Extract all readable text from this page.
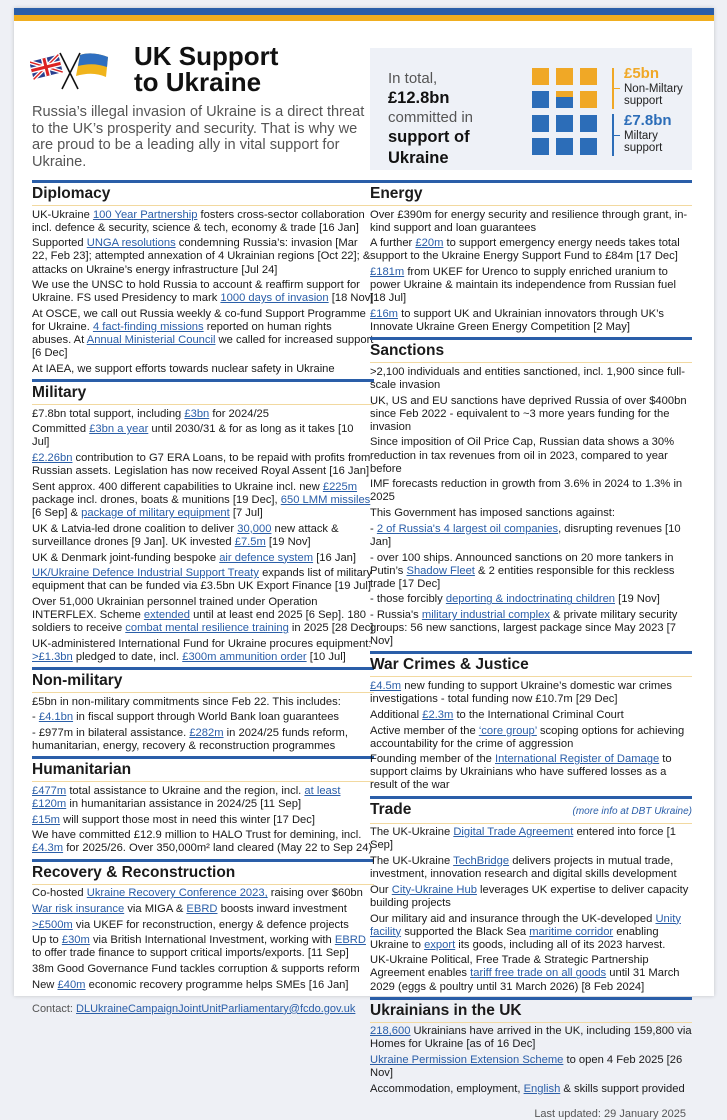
UK Support
to Ukraine
Russia’s illegal invasion of Ukraine is a direct threat to the UK’s prosperity and security. That is why we are proud to be a leading ally in vital support for Ukraine.
In total,
£12.8bn
committed in
support of
Ukraine
£5bn
Non-Miltary
support
£7.8bn
Miltary
support
Diplomacy
UK-Ukraine 100 Year Partnership fosters cross-sector collaboration incl. defence & security, science & tech, economy & trade [16 Jan]
Supported UNGA resolutions condemning Russia’s: invasion [Mar 22, Feb 23]; attempted annexation of 4 Ukrainian regions [Oct 22]; & attacks on Ukraine’s energy infrastructure [Jul 24]
We use the UNSC to hold Russia to account & reaffirm support for Ukraine. FS used Presidency to mark 1000 days of invasion [18 Nov]
At OSCE, we call out Russia weekly & co-fund Support Programme for Ukraine. 4 fact-finding missions reported on human rights abuses. At Annual Ministerial Council we called for increased support [6 Dec]
At IAEA, we support efforts towards nuclear safety in Ukraine
Military
£7.8bn total support, including £3bn for 2024/25
Committed £3bn a year until 2030/31 & for as long as it takes [10 Jul]
£2.26bn contribution to G7 ERA Loans, to be repaid with profits from Russian assets. Legislation has now received Royal Assent [16 Jan]
Sent approx. 400 different capabilities to Ukraine incl. new £225m package incl. drones, boats & munitions [19 Dec], 650 LMM missiles [6 Sep] & package of military equipment [7 Jul]
UK & Latvia-led drone coalition to deliver 30,000 new attack & surveillance drones [9 Jan]. UK invested £7.5m [19 Nov]
UK & Denmark joint-funding bespoke air defence system [16 Jan]
UK/Ukraine Defence Industrial Support Treaty expands list of military equipment that can be funded via £3.5bn UK Export Finance [19 Jul]
Over 51,000 Ukrainian personnel trained under Operation INTERFLEX. Scheme extended until at least end 2025 [6 Sep]. 180 soldiers to receive combat mental resilience training in 2025 [28 Dec]
UK-administered International Fund for Ukraine procures equipment: >£1.3bn pledged to date, incl. £300m ammunition order [10 Jul]
Non-military
£5bn in non-military commitments since Feb 22. This includes:
- £4.1bn in fiscal support through World Bank loan guarantees
- £977m in bilateral assistance. £282m in 2024/25 funds reform, humanitarian, energy, recovery & reconstruction programmes
Humanitarian
£477m total assistance to Ukraine and the region, incl. at least £120m in humanitarian assistance in 2024/25 [11 Sep]
£15m will support those most in need this winter [17 Dec]
We have committed £12.9 million to HALO Trust for demining, incl. £4.3m for 2025/26. Over 350,000m² land cleared (May 22 to Sep 24)
Recovery & Reconstruction
Co-hosted Ukraine Recovery Conference 2023, raising over $60bn
War risk insurance via MIGA & EBRD boosts inward investment
>£500m via UKEF for reconstruction, energy & defence projects
Up to £30m via British International Investment, working with EBRD to offer trade finance to support critical imports/exports. [11 Sep]
38m Good Governance Fund tackles corruption & supports reform
New £40m economic recovery programme helps SMEs [16 Jan]
Contact: DLUkraineCampaignJointUnitParliamentary@fcdo.gov.uk
Energy
Over £390m for energy security and resilience through grant, in-kind support and loan guarantees
A further £20m to support emergency energy needs takes total support to the Ukraine Energy Support Fund to £84m [17 Dec]
£181m from UKEF for Urenco to supply enriched uranium to power Ukraine & maintain its independence from Russian fuel [18 Jul]
£16m to support UK and Ukrainian innovators through UK’s Innovate Ukraine Green Energy Competition [2 May]
Sanctions
>2,100 individuals and entities sanctioned, incl. 1,900 since full-scale invasion
UK, US and EU sanctions have deprived Russia of over $400bn since Feb 2022 - equivalent to ~3 more years funding for the invasion
Since imposition of Oil Price Cap, Russian data shows a 30% reduction in tax revenues from oil in 2023, compared to year before
IMF forecasts reduction in growth from 3.6% in 2024 to 1.3% in 2025
This Government has imposed sanctions against:
- 2 of Russia's 4 largest oil companies, disrupting revenues [10 Jan]
- over 100 ships. Announced sanctions on 20 more tankers in Putin’s Shadow Fleet & 2 entities responsible for this reckless trade [17 Dec]
- those forcibly deporting & indoctrinating children [19 Nov]
- Russia's military industrial complex & private military security groups: 56 new sanctions, largest package since May 2023 [7 Nov]
War Crimes & Justice
£4.5m new funding to support Ukraine’s domestic war crimes investigations - total funding now £10.7m [29 Dec]
Additional £2.3m to the International Criminal Court
Active member of the ‘core group’ scoping options for achieving accountability for the crime of aggression
Founding member of the International Register of Damage to support claims by Ukrainians who have suffered losses as a result of the war
Trade	(more info at DBT Ukraine)
The UK-Ukraine Digital Trade Agreement entered into force [1 Sep]
The UK-Ukraine TechBridge delivers projects in mutual trade, investment, innovation research and digital skills development
Our City-Ukraine Hub leverages UK expertise to deliver capacity building projects
Our military aid and insurance through the UK-developed Unity facility supported the Black Sea maritime corridor enabling Ukraine to export its goods, including all of its 2023 harvest.
UK-Ukraine Political, Free Trade & Strategic Partnership Agreement enables tariff free trade on all goods until 31 March 2029 (eggs & poultry until 31 March 2026) [8 Feb 2024]
Ukrainians in the UK
218,600 Ukrainians have arrived in the UK, including 159,800 via Homes for Ukraine [as of 16 Dec]
Ukraine Permission Extension Scheme to open 4 Feb 2025 [26 Nov]
Accommodation, employment, English & skills support provided
Last updated: 29 January 2025
